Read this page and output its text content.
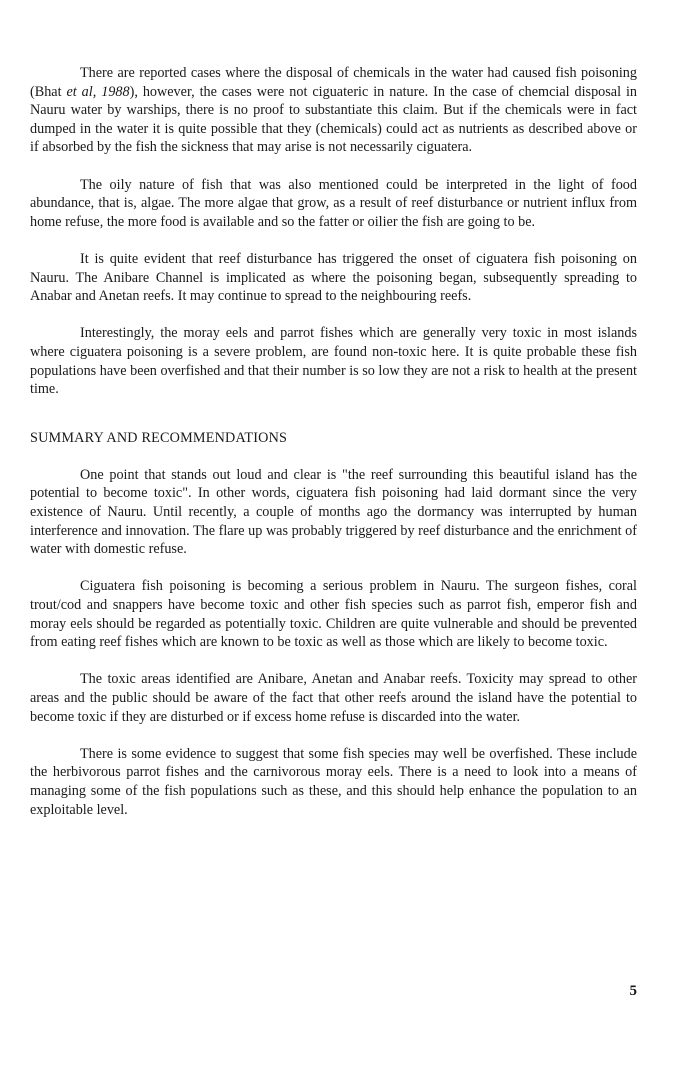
There are reported cases where the disposal of chemicals in the water had caused fish poisoning (Bhat et al, 1988), however, the cases were not ciguateric in nature. In the case of chemcial disposal in Nauru water by warships, there is no proof to substantiate this claim. But if the chemicals were in fact dumped in the water it is quite possible that they (chemicals) could act as nutrients as described above or if absorbed by the fish the sickness that may arise is not necessarily ciguatera.

The oily nature of fish that was also mentioned could be interpreted in the light of food abundance, that is, algae. The more algae that grow, as a result of reef disturbance or nutrient influx from home refuse, the more food is available and so the fatter or oilier the fish are going to be.

It is quite evident that reef disturbance has triggered the onset of ciguatera fish poisoning on Nauru. The Anibare Channel is implicated as where the poisoning began, subsequently spreading to Anabar and Anetan reefs. It may continue to spread to the neighbouring reefs.

Interestingly, the moray eels and parrot fishes which are generally very toxic in most islands where ciguatera poisoning is a severe problem, are found non-toxic here. It is quite probable these fish populations have been overfished and that their number is so low they are not a risk to health at the present time.

SUMMARY AND RECOMMENDATIONS

One point that stands out loud and clear is "the reef surrounding this beautiful island has the potential to become toxic". In other words, ciguatera fish poisoning had laid dormant since the very existence of Nauru. Until recently, a couple of months ago the dormancy was interrupted by human interference and innovation. The flare up was probably triggered by reef disturbance and the enrichment of water with domestic refuse.

Ciguatera fish poisoning is becoming a serious problem in Nauru. The surgeon fishes, coral trout/cod and snappers have become toxic and other fish species such as parrot fish, emperor fish and moray eels should be regarded as potentially toxic. Children are quite vulnerable and should be prevented from eating reef fishes which are known to be toxic as well as those which are likely to become toxic.

The toxic areas identified are Anibare, Anetan and Anabar reefs. Toxicity may spread to other areas and the public should be aware of the fact that other reefs around the island have the potential to become toxic if they are disturbed or if excess home refuse is discarded into the water.

There is some evidence to suggest that some fish species may well be overfished. These include the herbivorous parrot fishes and the carnivorous moray eels. There is a need to look into a means of managing some of the fish populations such as these, and this should help enhance the population to an exploitable level.

5
